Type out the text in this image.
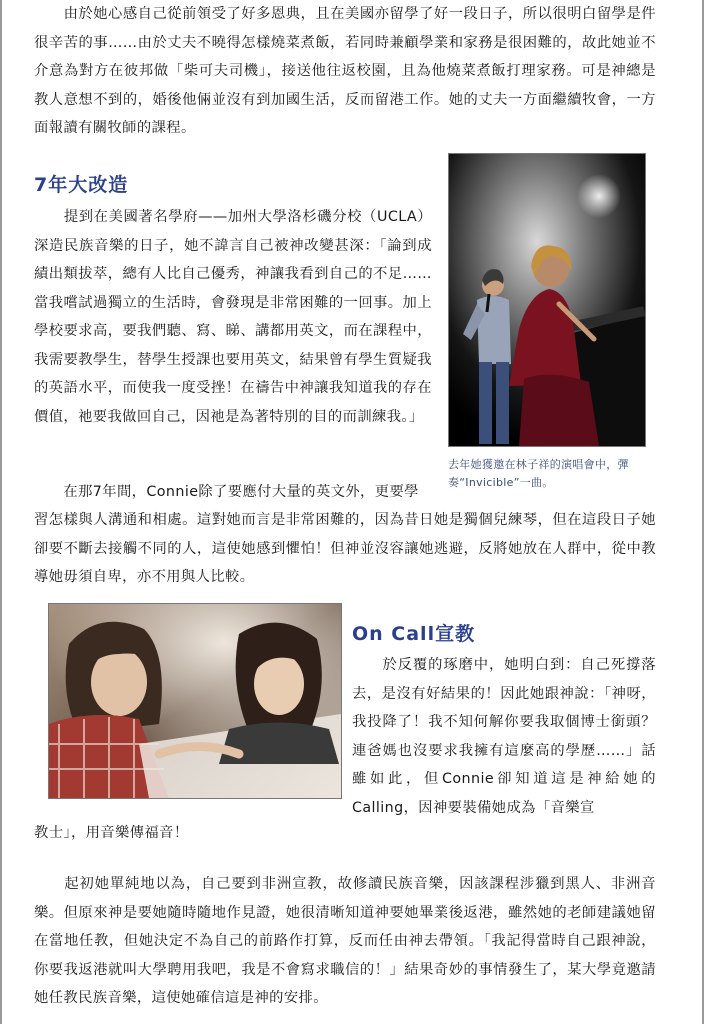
　　由於她心感自己從前領受了好多恩典，且在美國亦留學了好一段日子，所以很明白留學是件很辛苦的事……由於丈夫不曉得怎樣燒菜煮飯，若同時兼顧學業和家務是很困難的，故此她並不介意為對方在彼邦做「柴可夫司機」，接送他往返校園，且為他燒菜煮飯打理家務。可是神總是教人意想不到的，婚後他倆並沒有到加國生活，反而留港工作。她的丈夫一方面繼續牧會，一方面報讀有關牧師的課程。

7年大改造

　　提到在美國著名學府——加州大學洛杉磯分校（UCLA）深造民族音樂的日子，她不諱言自己被神改變甚深：「論到成績出類拔萃，總有人比自己優秀，神讓我看到自己的不足……當我嚐試過獨立的生活時，會發現是非常困難的一回事。加上學校要求高，要我們聽、寫、睇、講都用英文，而在課程中，我需要教學生，替學生授課也要用英文，結果曾有學生質疑我的英語水平，而使我一度受挫！在禱告中神讓我知道我的存在價值，祂要我做回自己，因祂是為著特別的目的而訓練我。」

去年她獲邀在林子祥的演唱會中，彈奏“Invicible”一曲。

　　在那7年間，Connie除了要應付大量的英文外，更要學

習怎樣與人溝通和相處。這對她而言是非常困難的，因為昔日她是獨個兒練琴，但在這段日子她卻要不斷去接觸不同的人，這使她感到懼怕！但神並沒容讓她逃避，反將她放在人群中，從中教導她毋須自卑，亦不用與人比較。

On Call宣教

　　於反覆的琢磨中，她明白到：自己死撐落去，是沒有好結果的！因此她跟神說：「神呀，我投降了！我不知何解你要我取個博士銜頭？連爸媽也沒要求我擁有這麼高的學歷……」話雖如此，但Connie卻知道這是神給她的Calling，因神要裝備她成為「音樂宣

教士」，用音樂傳福音！

　　起初她單純地以為，自己要到非洲宣教，故修讀民族音樂，因該課程涉獵到黑人、非洲音樂。但原來神是要她隨時隨地作見證，她很清晰知道神要她畢業後返港，雖然她的老師建議她留在當地任教，但她決定不為自己的前路作打算，反而任由神去帶領。「我記得當時自己跟神說，你要我返港就叫大學聘用我吧，我是不會寫求職信的！」結果奇妙的事情發生了，某大學竟邀請她任教民族音樂，這使她確信這是神的安排。
